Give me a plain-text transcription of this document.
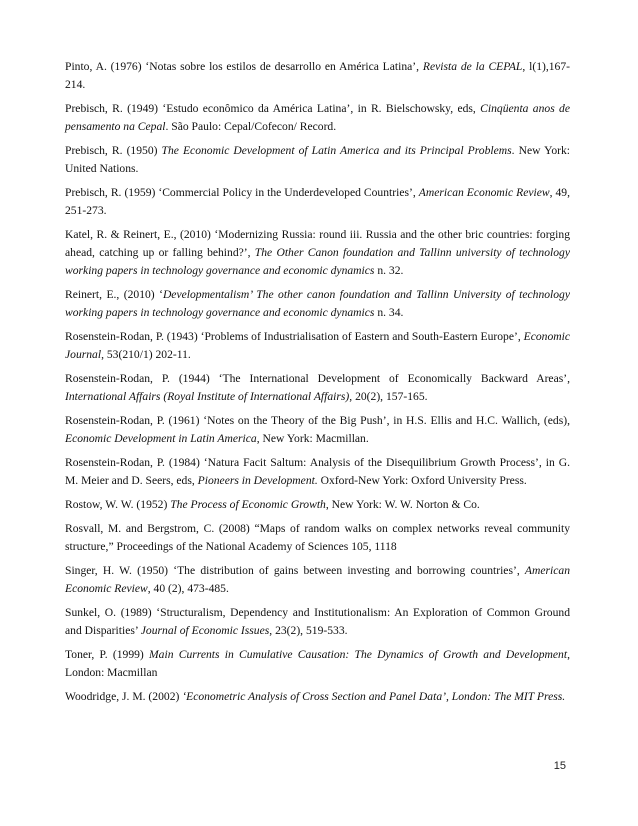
Pinto, A. (1976) ‘Notas sobre los estilos de desarrollo en América Latina’, Revista de la CEPAL, l(1),167-214.

Prebisch, R. (1949) ‘Estudo econômico da América Latina’, in R. Bielschowsky, eds, Cinqüenta anos de pensamento na Cepal. São Paulo: Cepal/Cofecon/ Record.

Prebisch, R. (1950) The Economic Development of Latin America and its Principal Problems. New York: United Nations.

Prebisch, R. (1959) ‘Commercial Policy in the Underdeveloped Countries’, American Economic Review, 49, 251-273.

Katel, R. & Reinert, E., (2010) ‘Modernizing Russia: round iii. Russia and the other bric countries: forging ahead, catching up or falling behind?’, The Other Canon foundation and Tallinn university of technology working papers in technology governance and economic dynamics n. 32.

Reinert, E., (2010) ‘Developmentalism’ The other canon foundation and Tallinn University of technology working papers in technology governance and economic dynamics n. 34.

Rosenstein-Rodan, P. (1943) ‘Problems of Industrialisation of Eastern and South-Eastern Europe’, Economic Journal, 53(210/1) 202-11.

Rosenstein-Rodan, P. (1944) ‘The International Development of Economically Backward Areas’, International Affairs (Royal Institute of International Affairs), 20(2), 157-165.

Rosenstein-Rodan, P. (1961) ‘Notes on the Theory of the Big Push’, in H.S. Ellis and H.C. Wallich, (eds), Economic Development in Latin America, New York: Macmillan.

Rosenstein-Rodan, P. (1984) ‘Natura Facit Saltum: Analysis of the Disequilibrium Growth Process’, in G. M. Meier and D. Seers, eds, Pioneers in Development. Oxford-New York: Oxford University Press.

Rostow, W. W. (1952) The Process of Economic Growth, New York: W. W. Norton & Co.

Rosvall, M. and Bergstrom, C. (2008) “Maps of random walks on complex networks reveal community structure,” Proceedings of the National Academy of Sciences 105, 1118

Singer, H. W. (1950) ‘The distribution of gains between investing and borrowing countries’, American Economic Review, 40 (2), 473-485.

Sunkel, O. (1989) ‘Structuralism, Dependency and Institutionalism: An Exploration of Common Ground and Disparities’ Journal of Economic Issues, 23(2), 519-533.

Toner, P. (1999) Main Currents in Cumulative Causation: The Dynamics of Growth and Development, London: Macmillan

Woodridge, J. M. (2002) ‘Econometric Analysis of Cross Section and Panel Data’, London: The MIT Press.

15
